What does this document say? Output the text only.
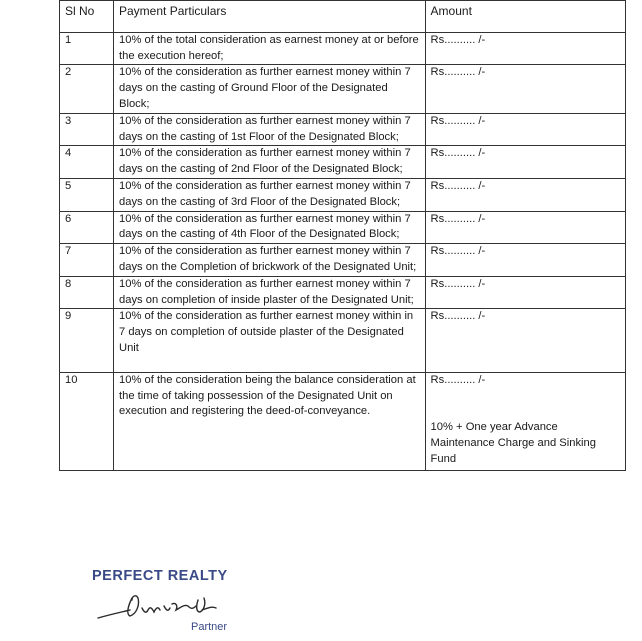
Sl No	Payment Particulars	Amount
1	10% of the total consideration as earnest money at or before the execution hereof;	Rs.......... /-
2	10% of the consideration as further earnest money within 7 days on the casting of Ground Floor of the Designated Block;	Rs.......... /-
3	10% of the consideration as further earnest money within 7 days on the casting of 1st Floor of the Designated Block;	Rs.......... /-
4	10% of the consideration as further earnest money within 7 days on the casting of 2nd Floor of the Designated Block;	Rs.......... /-
5	10% of the consideration as further earnest money within 7 days on the casting of 3rd Floor of the Designated Block;	Rs.......... /-
6	10% of the consideration as further earnest money within 7 days on the casting of 4th Floor of the Designated Block;	Rs.......... /-
7	10% of the consideration as further earnest money within 7 days on the Completion of brickwork of the Designated Unit;	Rs.......... /-
8	10% of the consideration as further earnest money within 7 days on completion of inside plaster of the Designated Unit;	Rs.......... /-
9	10% of the consideration as further earnest money within in 7 days on completion of outside plaster of the Designated Unit	Rs.......... /-
10	10% of the consideration being the balance consideration at the time of taking possession of the Designated Unit on execution and registering the deed-of-conveyance.	Rs.......... /-
10% + One year Advance Maintenance Charge and Sinking Fund
PERFECT REALTY
Partner
